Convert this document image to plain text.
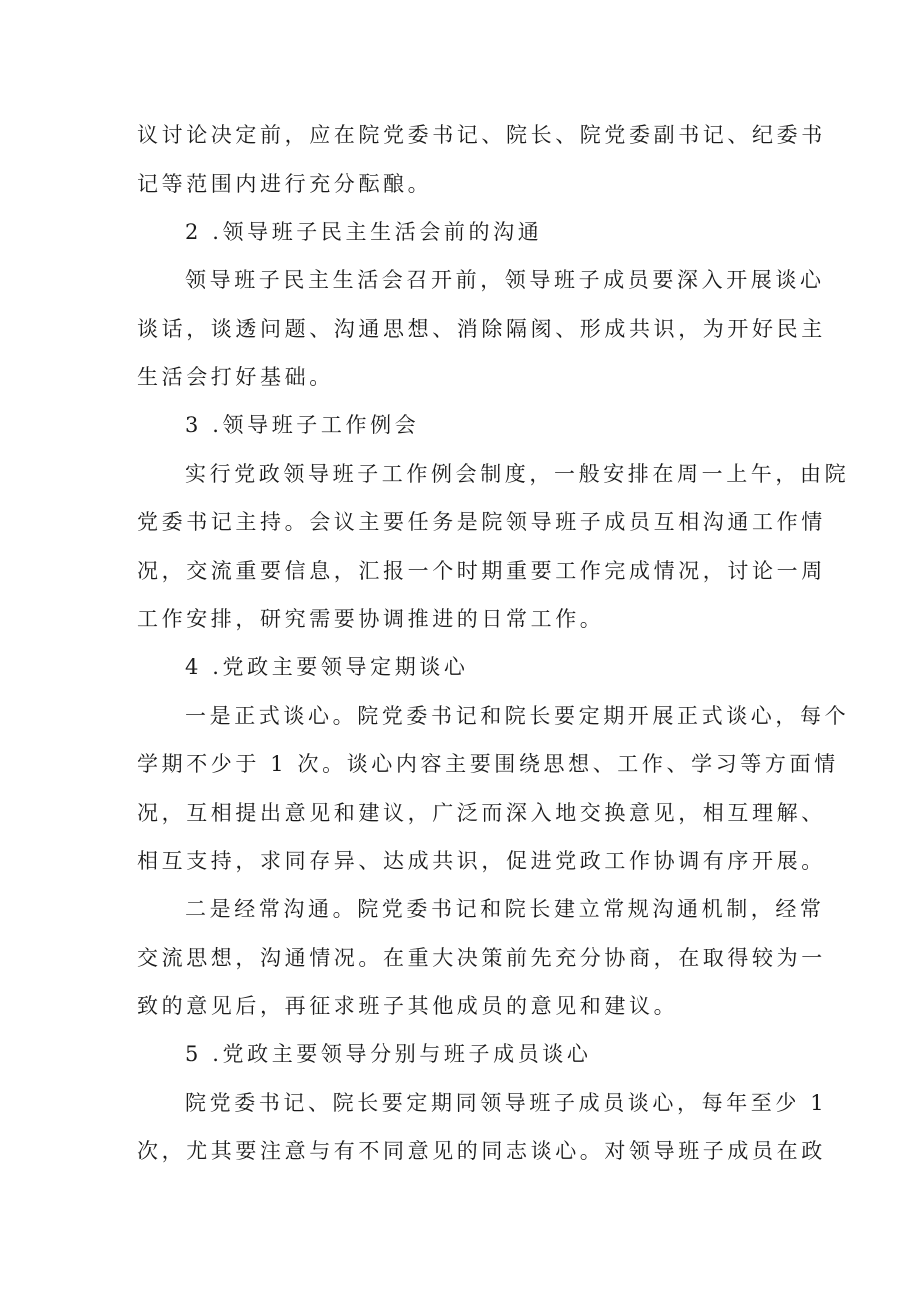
议讨论决定前，应在院党委书记、院长、院党委副书记、纪委书
记等范围内进行充分酝酿。
2 .领导班子民主生活会前的沟通
领导班子民主生活会召开前，领导班子成员要深入开展谈心
谈话，谈透问题、沟通思想、消除隔阂、形成共识，为开好民主
生活会打好基础。
3 .领导班子工作例会
实行党政领导班子工作例会制度，一般安排在周一上午，由院
党委书记主持。会议主要任务是院领导班子成员互相沟通工作情
况，交流重要信息，汇报一个时期重要工作完成情况，讨论一周
工作安排，研究需要协调推进的日常工作。
4 .党政主要领导定期谈心
一是正式谈心。院党委书记和院长要定期开展正式谈心，每个
学期不少于 1 次。谈心内容主要围绕思想、工作、学习等方面情
况，互相提出意见和建议，广泛而深入地交换意见，相互理解、
相互支持，求同存异、达成共识，促进党政工作协调有序开展。
二是经常沟通。院党委书记和院长建立常规沟通机制，经常
交流思想，沟通情况。在重大决策前先充分协商，在取得较为一
致的意见后，再征求班子其他成员的意见和建议。
5 .党政主要领导分别与班子成员谈心
院党委书记、院长要定期同领导班子成员谈心，每年至少 1
次，尤其要注意与有不同意见的同志谈心。对领导班子成员在政
